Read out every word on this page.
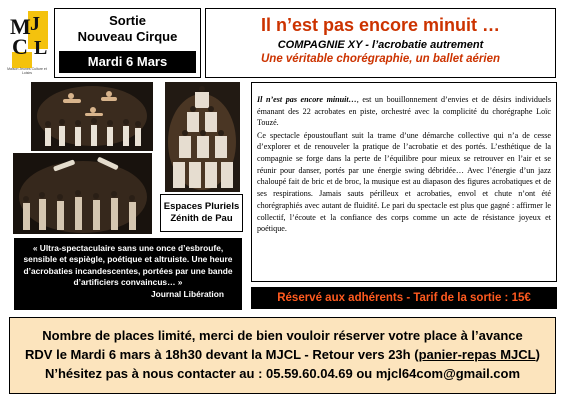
M J
C L
Maison Jeunes Culture et Loisirs
Sortie
Nouveau Cirque
Mardi 6 Mars
Il n’est pas encore minuit …
COMPAGNIE XY - l’acrobatie autrement
Une véritable chorégraphie, un ballet aérien
Espaces Pluriels
Zénith de Pau
« Ultra-spectaculaire sans une once d’esbroufe, sensible et espiègle, poétique et altruiste. Une heure d’acrobaties incandescentes, portées par une bande d’artificiers convaincus… »
Journal Libération

Il n’est pas encore minuit…, est un bouillonnement d’envies et de désirs individuels émanant des 22 acrobates en piste, orchestré avec la complicité du chorégraphe Loïc Touzé.

Ce spectacle époustouflant suit la trame d’une démarche collective qui n’a de cesse d’explorer et de renouveler la pratique de l’acrobatie et des portés. L’esthétique de la compagnie se forge dans la perte de l’équilibre pour mieux se retrouver en l’air et se réunir pour danser, portés par une énergie swing débridée… Avec l’énergie d’un jazz chaloupé fait de bric et de broc, la musique est au diapason des figures acrobatiques et de ses respirations. Jamais sauts périlleux et acrobaties, envol et chute n’ont été chorégraphiés avec autant de fluidité. Le pari du spectacle est plus que gagné : affirmer le collectif, l’écoute et la confiance des corps comme un acte de résistance joyeux et poétique.

Réservé aux adhérents - Tarif de la sortie : 15€
Nombre de places limité, merci de bien vouloir réserver votre place à l’avance
RDV le Mardi 6 mars à 18h30 devant la MJCL - Retour vers 23h (panier-repas MJCL)
N’hésitez pas à nous contacter au : 05.59.60.04.69 ou mjcl64com@gmail.com
